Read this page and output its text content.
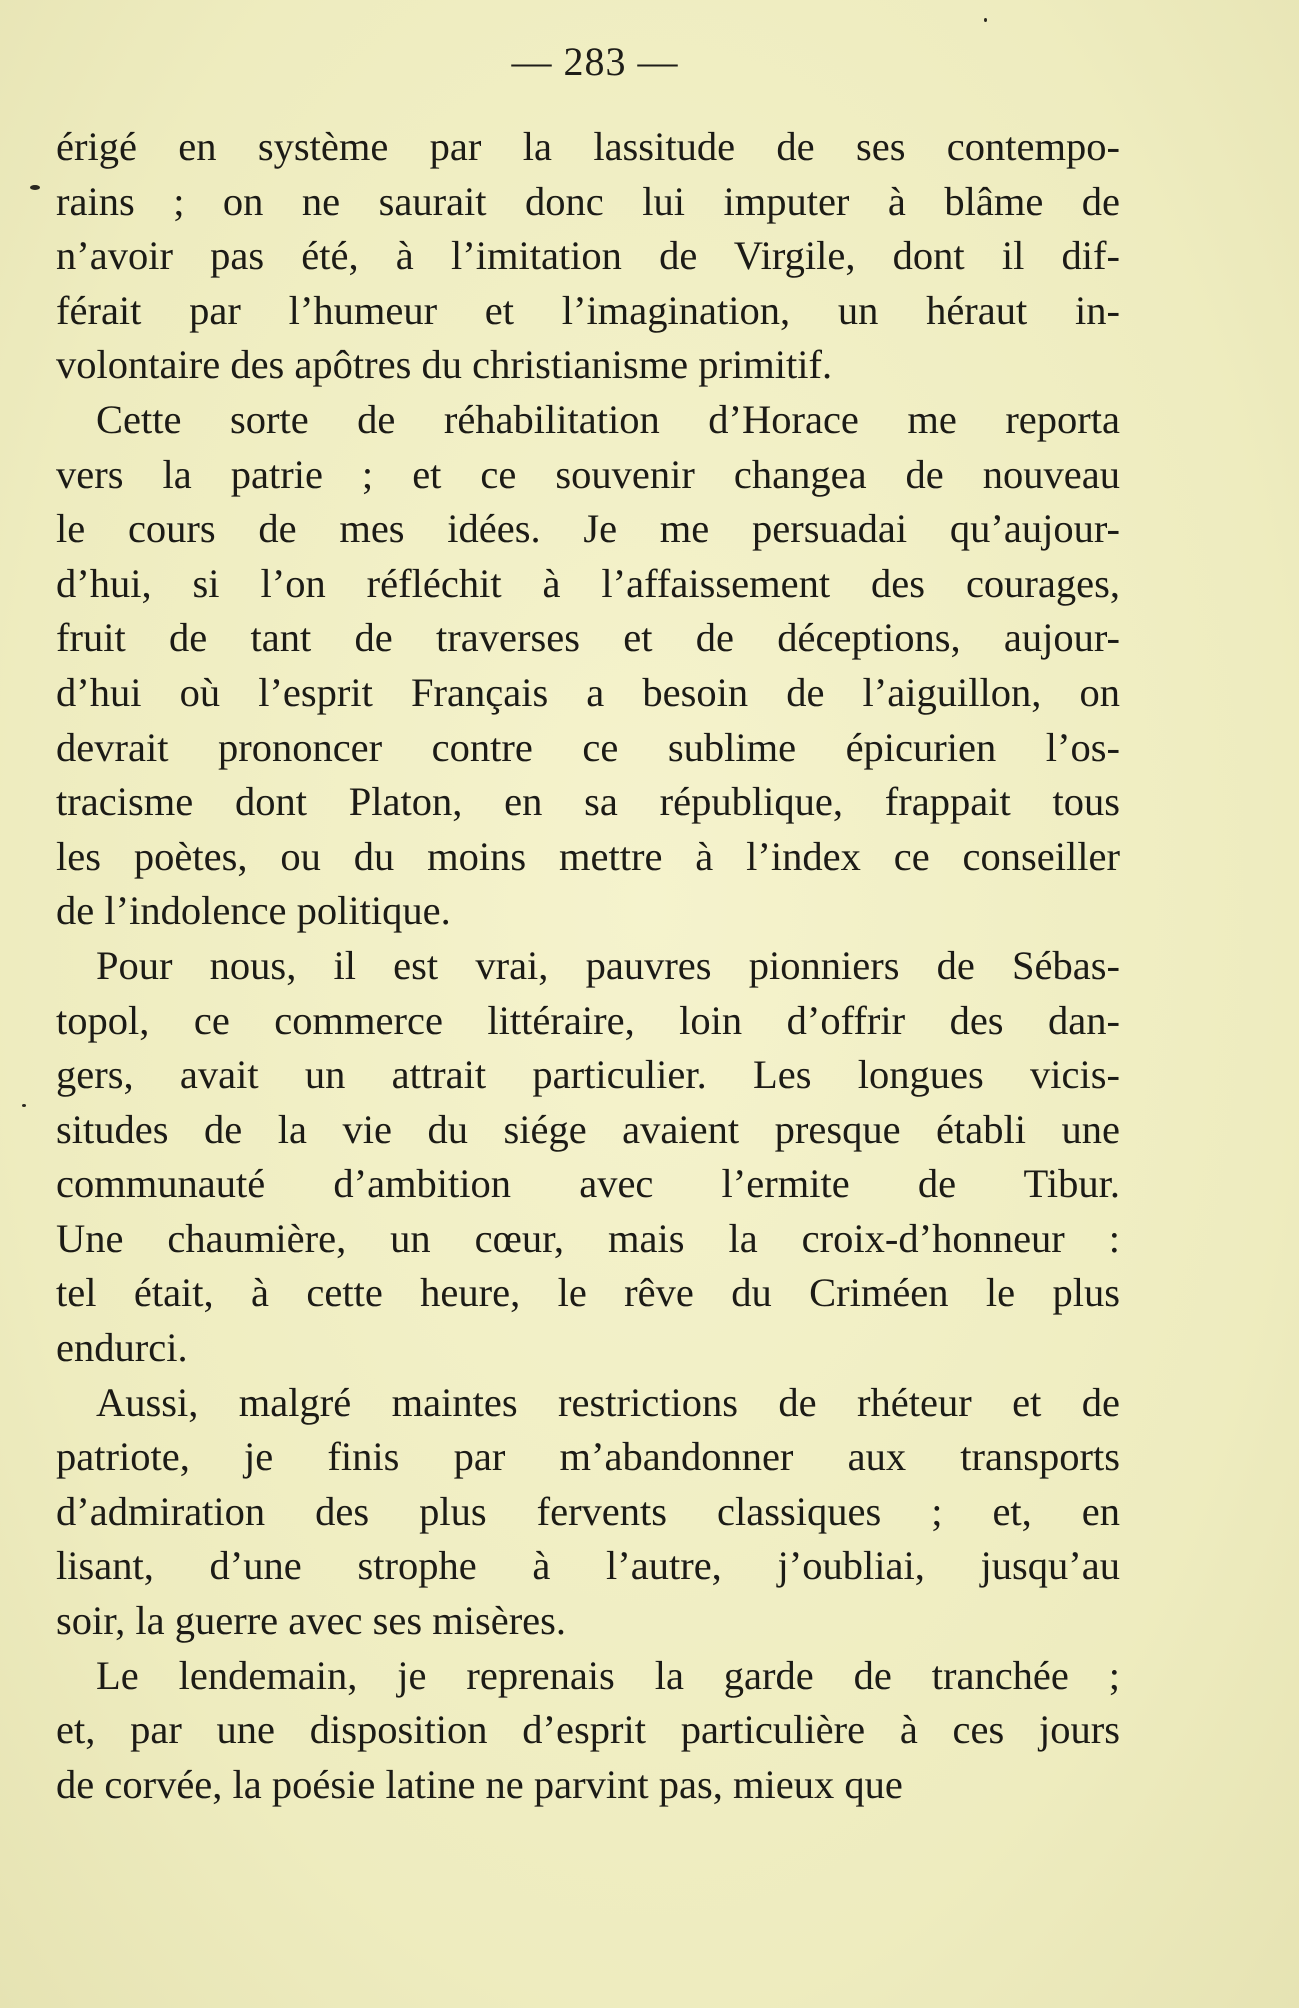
— 283 —
érigé en système par la lassitude de ses contempo-
rains ; on ne saurait donc lui imputer à blâme de
n’avoir pas été, à l’imitation de Virgile, dont il dif-
férait par l’humeur et l’imagination, un héraut in-
volontaire des apôtres du christianisme primitif.
Cette sorte de réhabilitation d’Horace me reporta
vers la patrie ; et ce souvenir changea de nouveau
le cours de mes idées. Je me persuadai qu’aujour-
d’hui, si l’on réfléchit à l’affaissement des courages,
fruit de tant de traverses et de déceptions, aujour-
d’hui où l’esprit Français a besoin de l’aiguillon, on
devrait prononcer contre ce sublime épicurien l’os-
tracisme dont Platon, en sa république, frappait tous
les poètes, ou du moins mettre à l’index ce conseiller
de l’indolence politique.
Pour nous, il est vrai, pauvres pionniers de Sébas-
topol, ce commerce littéraire, loin d’offrir des dan-
gers, avait un attrait particulier. Les longues vicis-
situdes de la vie du siége avaient presque établi une
communauté d’ambition avec l’ermite de Tibur.
Une chaumière, un cœur, mais la croix-d’honneur :
tel était, à cette heure, le rêve du Criméen le plus
endurci.
Aussi, malgré maintes restrictions de rhéteur et de
patriote, je finis par m’abandonner aux transports
d’admiration des plus fervents classiques ; et, en
lisant, d’une strophe à l’autre, j’oubliai, jusqu’au
soir, la guerre avec ses misères.
Le lendemain, je reprenais la garde de tranchée ;
et, par une disposition d’esprit particulière à ces jours
de corvée, la poésie latine ne parvint pas, mieux que
